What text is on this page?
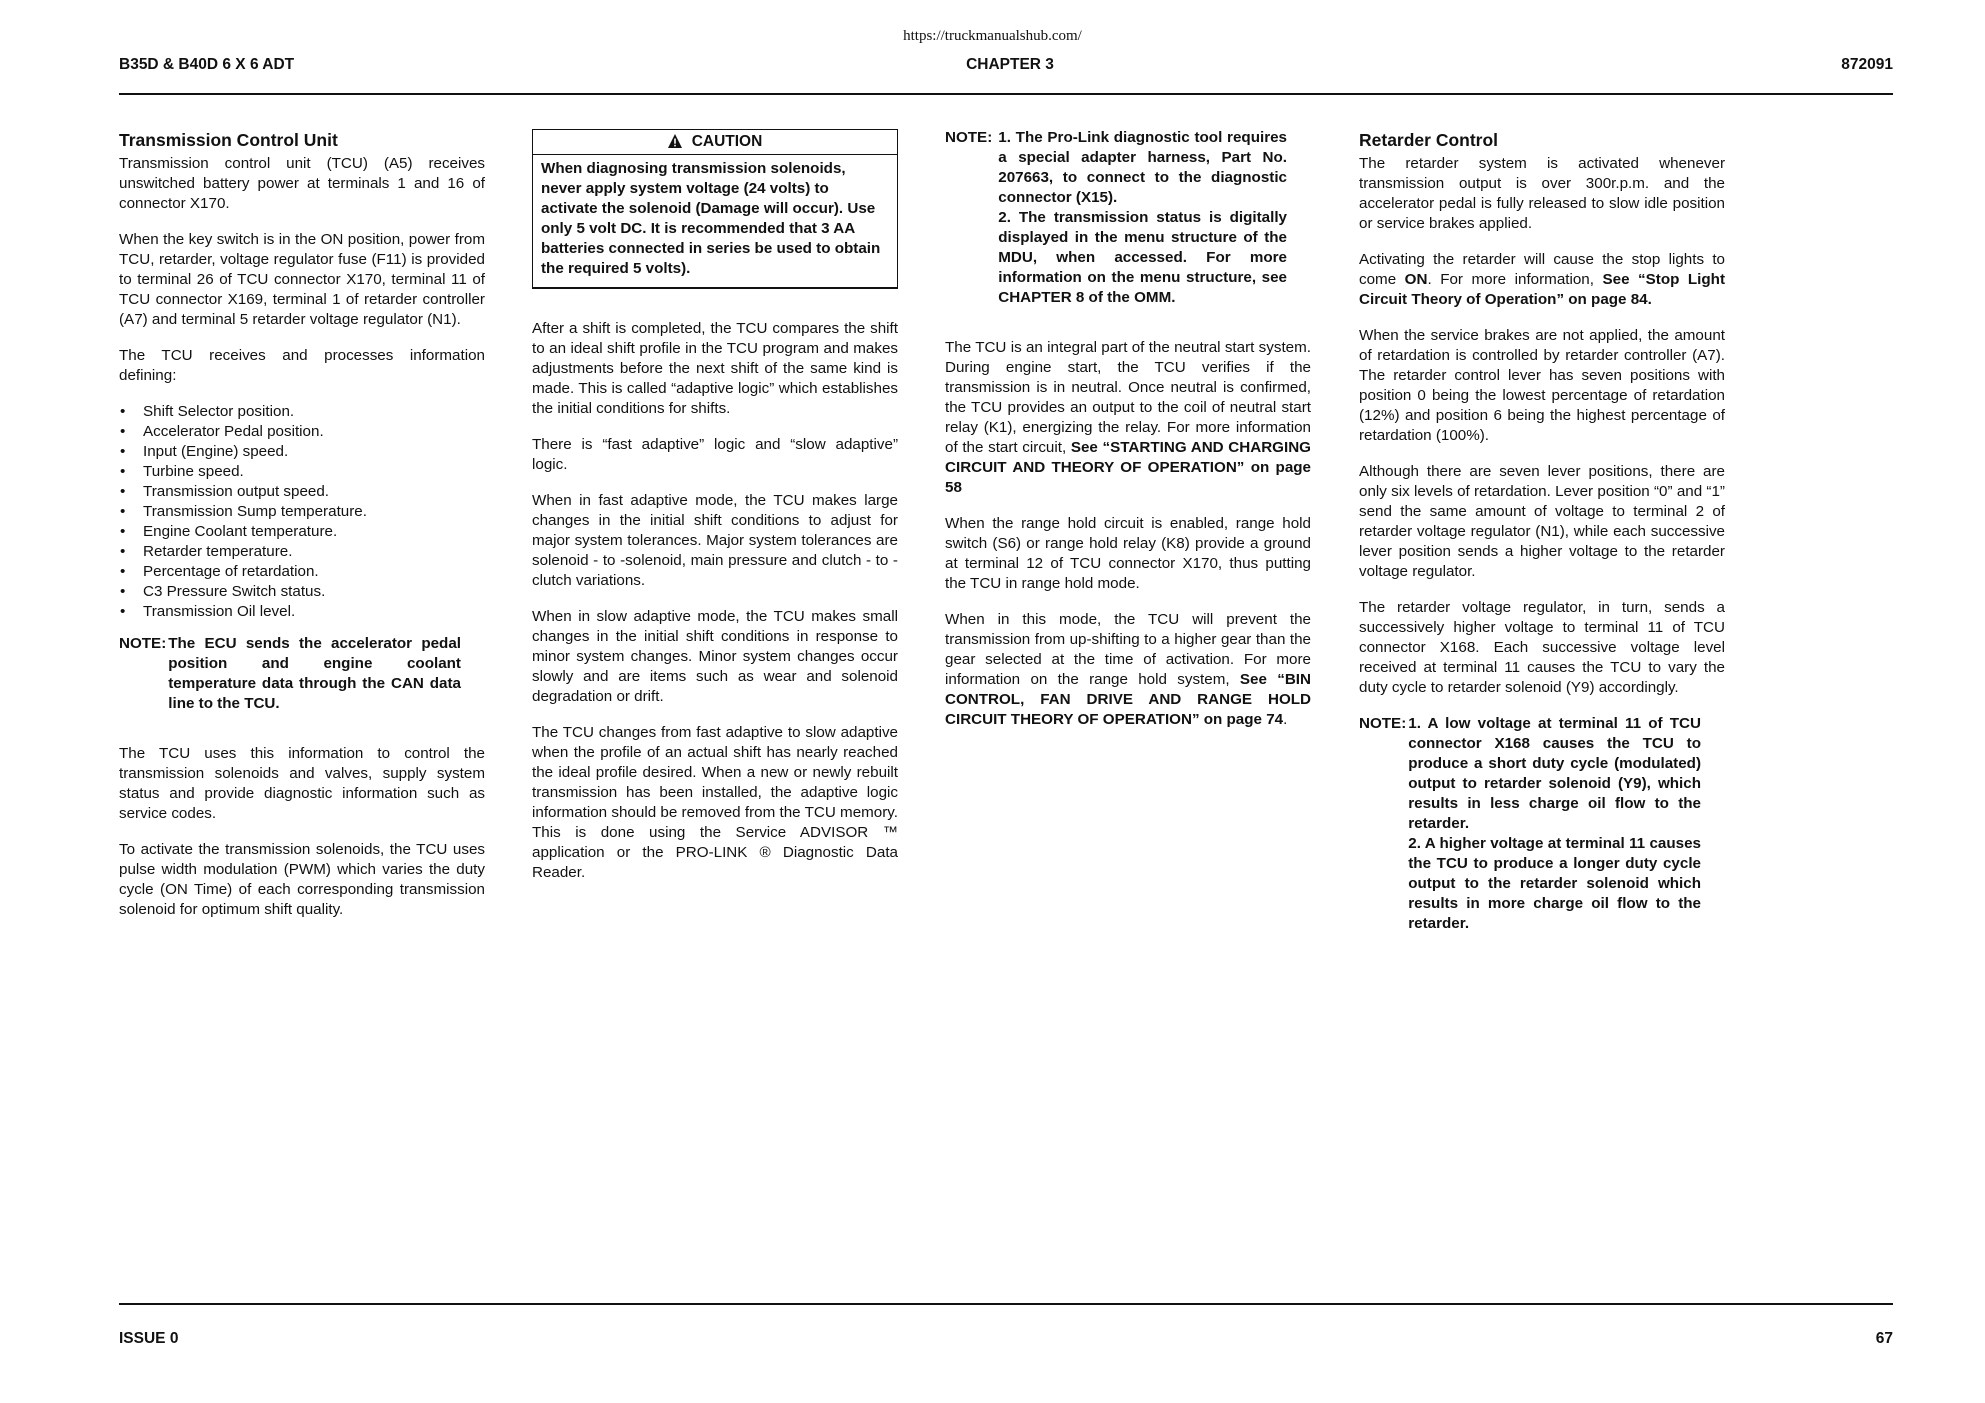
https://truckmanualshub.com/
B35D & B40D 6 X 6 ADT	CHAPTER 3	872091
Transmission Control Unit

Transmission control unit (TCU) (A5) receives unswitched battery power at terminals 1 and 16 of connector X170.

When the key switch is in the ON position, power from TCU, retarder, voltage regulator fuse (F11) is provided to terminal 26 of TCU connector X170, terminal 11 of TCU connector X169, terminal 1 of retarder controller (A7) and terminal 5 retarder voltage regulator (N1).

The TCU receives and processes information defining:

• Shift Selector position.
• Accelerator Pedal position.
• Input (Engine) speed.
• Turbine speed.
• Transmission output speed.
• Transmission Sump temperature.
• Engine Coolant temperature.
• Retarder temperature.
• Percentage of retardation.
• C3 Pressure Switch status.
• Transmission Oil level.
NOTE: The ECU sends the accelerator pedal position and engine coolant temperature data through the CAN data line to the TCU.

The TCU uses this information to control the transmission solenoids and valves, supply system status and provide diagnostic information such as service codes.

To activate the transmission solenoids, the TCU uses pulse width modulation (PWM) which varies the duty cycle (ON Time) of each corresponding transmission solenoid for optimum shift quality.

CAUTION
When diagnosing transmission solenoids, never apply system voltage (24 volts) to activate the solenoid (Damage will occur). Use only 5 volt DC. It is recommended that 3 AA batteries connected in series be used to obtain the required 5 volts).

After a shift is completed, the TCU compares the shift to an ideal shift profile in the TCU program and makes adjustments before the next shift of the same kind is made. This is called “adaptive logic” which establishes the initial conditions for shifts.

There is “fast adaptive” logic and “slow adaptive” logic.

When in fast adaptive mode, the TCU makes large changes in the initial shift conditions to adjust for major system tolerances. Major system tolerances are solenoid - to -solenoid, main pressure and clutch - to - clutch variations.

When in slow adaptive mode, the TCU makes small changes in the initial shift conditions in response to minor system changes. Minor system changes occur slowly and are items such as wear and solenoid degradation or drift.

The TCU changes from fast adaptive to slow adaptive when the profile of an actual shift has nearly reached the ideal profile desired. When a new or newly rebuilt transmission has been installed, the adaptive logic information should be removed from the TCU memory. This is done using the Service ADVISOR ™ application or the PRO-LINK ® Diagnostic Data Reader.

NOTE: 1. The Pro-Link diagnostic tool requires a special adapter harness, Part No. 207663, to connect to the diagnostic connector (X15).
2. The transmission status is digitally displayed in the menu structure of the MDU, when accessed. For more information on the menu structure, see CHAPTER 8 of the OMM.

The TCU is an integral part of the neutral start system. During engine start, the TCU verifies if the transmission is in neutral. Once neutral is confirmed, the TCU provides an output to the coil of neutral start relay (K1), energizing the relay. For more information of the start circuit, See “STARTING AND CHARGING CIRCUIT AND THEORY OF OPERATION” on page 58

When the range hold circuit is enabled, range hold switch (S6) or range hold relay (K8) provide a ground at terminal 12 of TCU connector X170, thus putting the TCU in range hold mode.

When in this mode, the TCU will prevent the transmission from up-shifting to a higher gear than the gear selected at the time of activation. For more information on the range hold system, See “BIN CONTROL, FAN DRIVE AND RANGE HOLD CIRCUIT THEORY OF OPERATION” on page 74.

Retarder Control

The retarder system is activated whenever transmission output is over 300r.p.m. and the accelerator pedal is fully released to slow idle position or service brakes applied.

Activating the retarder will cause the stop lights to come ON. For more information, See “Stop Light Circuit Theory of Operation” on page 84.

When the service brakes are not applied, the amount of retardation is controlled by retarder controller (A7). The retarder control lever has seven positions with position 0 being the lowest percentage of retardation (12%) and position 6 being the highest percentage of retardation (100%).

Although there are seven lever positions, there are only six levels of retardation. Lever position “0” and “1” send the same amount of voltage to terminal 2 of retarder voltage regulator (N1), while each successive lever position sends a higher voltage to the retarder voltage regulator.

The retarder voltage regulator, in turn, sends a successively higher voltage to terminal 11 of TCU connector X168. Each successive voltage level received at terminal 11 causes the TCU to vary the duty cycle to retarder solenoid (Y9) accordingly.

NOTE: 1. A low voltage at terminal 11 of TCU connector X168 causes the TCU to produce a short duty cycle (modulated) output to retarder solenoid (Y9), which results in less charge oil flow to the retarder.
2. A higher voltage at terminal 11 causes the TCU to produce a longer duty cycle output to the retarder solenoid which results in more charge oil flow to the retarder.
ISSUE 0	67
